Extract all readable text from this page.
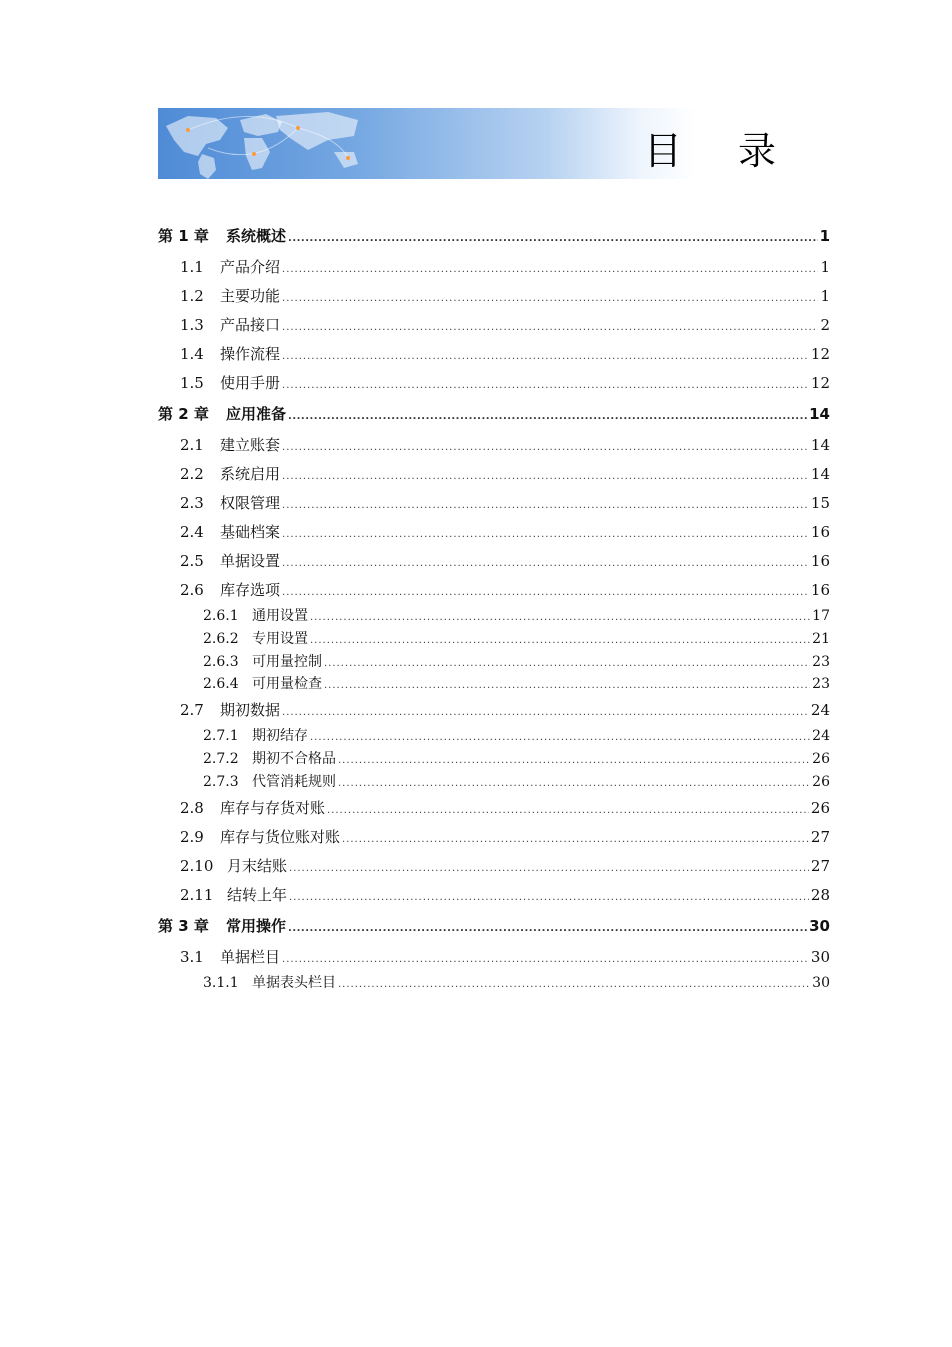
目 录
第 1 章	系统概述 .....	1
1.1	产品介绍 .....	1
1.2	主要功能 .....	1
1.3	产品接口 .....	2
1.4	操作流程 .....	12
1.5	使用手册 .....	12
第 2 章	应用准备 .....	14
2.1	建立账套 .....	14
2.2	系统启用 .....	14
2.3	权限管理 .....	15
2.4	基础档案 .....	16
2.5	单据设置 .....	16
2.6	库存选项 .....	16
2.6.1 通用设置 .....	17
2.6.2 专用设置 .....	21
2.6.3 可用量控制 .....	23
2.6.4 可用量检查 .....	23
2.7	期初数据 .....	24
2.7.1 期初结存 .....	24
2.7.2 期初不合格品 .....	26
2.7.3 代管消耗规则 .....	26
2.8	库存与存货对账 .....	26
2.9	库存与货位账对账 .....	27
2.10 月末结账 .....	27
2.11 结转上年 .....	28
第 3 章	常用操作 .....	30
3.1	单据栏目 .....	30
3.1.1 单据表头栏目 .....	30
